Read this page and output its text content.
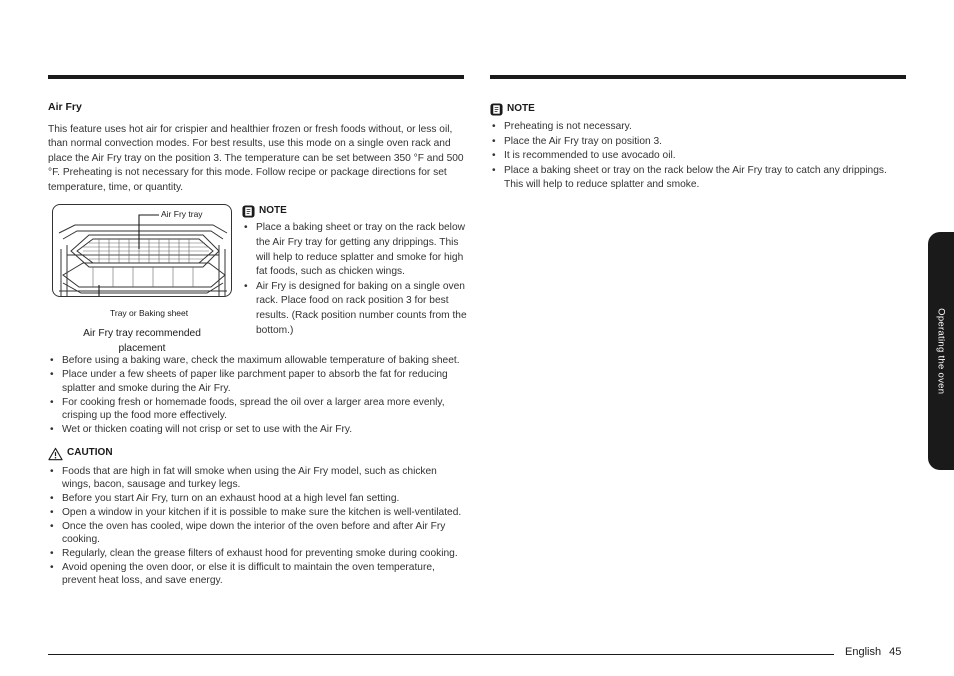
Air Fry

This feature uses hot air for crispier and healthier frozen or fresh foods without, or less oil, than normal convection modes. For best results, use this mode on a single oven rack and place the Air Fry tray on the position 3. The temperature can be set between 350 °F and 500 °F. Preheating is not necessary for this mode. Follow recipe or package directions for set temperature, time, or quantity.

Air Fry tray
Tray or Baking sheet
Air Fry tray recommended
placement
NOTE
• Place a baking sheet or tray on the rack below the Air Fry tray for getting any drippings. This will help to reduce splatter and smoke for high fat foods, such as chicken wings.
• Air Fry is designed for baking on a single oven rack. Place food on rack position 3 for best results. (Rack position number counts from the bottom.)
• Before using a baking ware, check the maximum allowable temperature of baking sheet.
• Place under a few sheets of paper like parchment paper to absorb the fat for reducing splatter and smoke during the Air Fry.
• For cooking fresh or homemade foods, spread the oil over a larger area more evenly, crisping up the food more effectively.
• Wet or thicken coating will not crisp or set to use with the Air Fry.
CAUTION
• Foods that are high in fat will smoke when using the Air Fry model, such as chicken wings, bacon, sausage and turkey legs.
• Before you start Air Fry, turn on an exhaust hood at a high level fan setting.
• Open a window in your kitchen if it is possible to make sure the kitchen is well-ventilated.
• Once the oven has cooled, wipe down the interior of the oven before and after Air Fry cooking.
• Regularly, clean the grease filters of exhaust hood for preventing smoke during cooking.
• Avoid opening the oven door, or else it is difficult to maintain the oven temperature, prevent heat loss, and save energy.
NOTE
• Preheating is not necessary.
• Place the Air Fry tray on position 3.
• It is recommended to use avocado oil.
• Place a baking sheet or tray on the rack below the Air Fry tray to catch any drippings. This will help to reduce splatter and smoke.
Operating the oven
English 45
